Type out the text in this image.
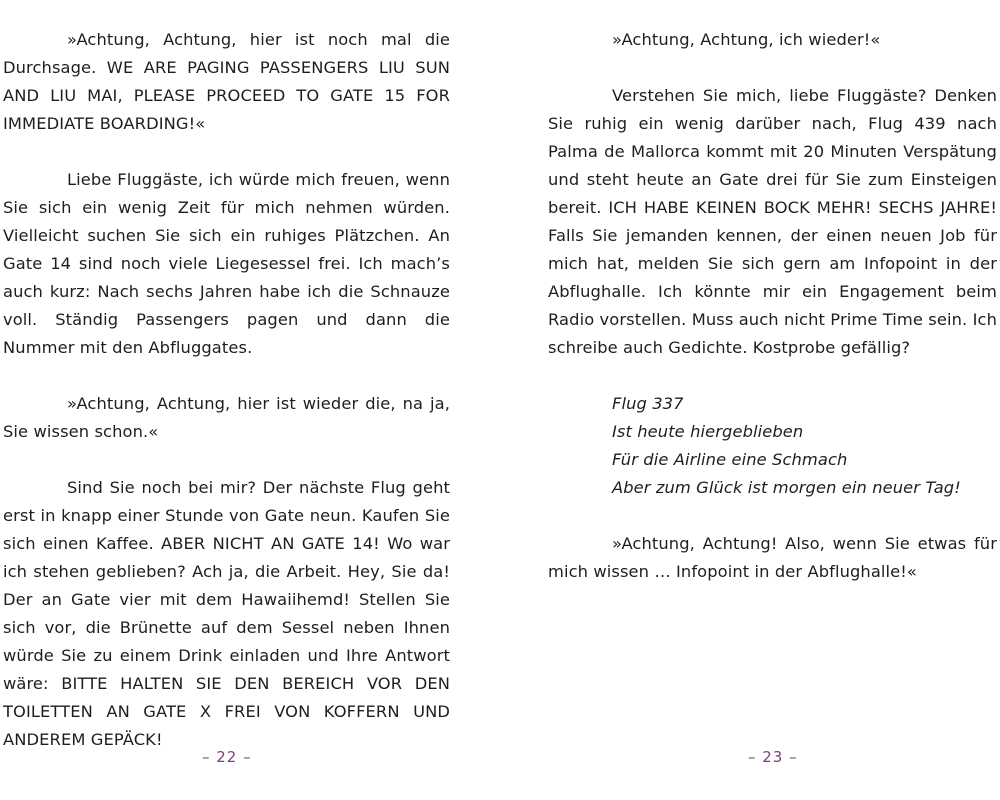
»Achtung, Achtung, hier ist noch mal die Durchsage. WE ARE PAGING PASSENGERS LIU SUN AND LIU MAI, PLEASE PROCEED TO GATE 15 FOR IMMEDIATE BOARDING!«

Liebe Fluggäste, ich würde mich freuen, wenn Sie sich ein wenig Zeit für mich nehmen würden. Vielleicht suchen Sie sich ein ruhiges Plätzchen. An Gate 14 sind noch viele Liegesessel frei. Ich mach’s auch kurz: Nach sechs Jahren habe ich die Schnauze voll. Ständig Passengers pagen und dann die Nummer mit den Abfluggates.

»Achtung, Achtung, hier ist wieder die, na ja, Sie wissen schon.«

Sind Sie noch bei mir? Der nächste Flug geht erst in knapp einer Stunde von Gate neun. Kaufen Sie sich einen Kaffee. ABER NICHT AN GATE 14! Wo war ich stehen geblieben? Ach ja, die Arbeit. Hey, Sie da! Der an Gate vier mit dem Hawaiihemd! Stellen Sie sich vor, die Brünette auf dem Sessel neben Ihnen würde Sie zu einem Drink einladen und Ihre Antwort wäre: BITTE HALTEN SIE DEN BEREICH VOR DEN TOILETTEN AN GATE X FREI VON KOFFERN UND ANDEREM GEPÄCK!

– 22 –

»Achtung, Achtung, ich wieder!«

Verstehen Sie mich, liebe Fluggäste? Denken Sie ruhig ein wenig darüber nach, Flug 439 nach Palma de Mallorca kommt mit 20 Minuten Verspätung und steht heute an Gate drei für Sie zum Einsteigen bereit. ICH HABE KEINEN BOCK MEHR! SECHS JAHRE! Falls Sie jemanden kennen, der einen neuen Job für mich hat, melden Sie sich gern am Infopoint in der Abflughalle. Ich könnte mir ein Engagement beim Radio vorstellen. Muss auch nicht Prime Time sein. Ich schreibe auch Gedichte. Kostprobe gefällig?

Flug 337
Ist heute hiergeblieben
Für die Airline eine Schmach
Aber zum Glück ist morgen ein neuer Tag!

»Achtung, Achtung! Also, wenn Sie etwas für mich wissen … Infopoint in der Abflughalle!«

– 23 –
